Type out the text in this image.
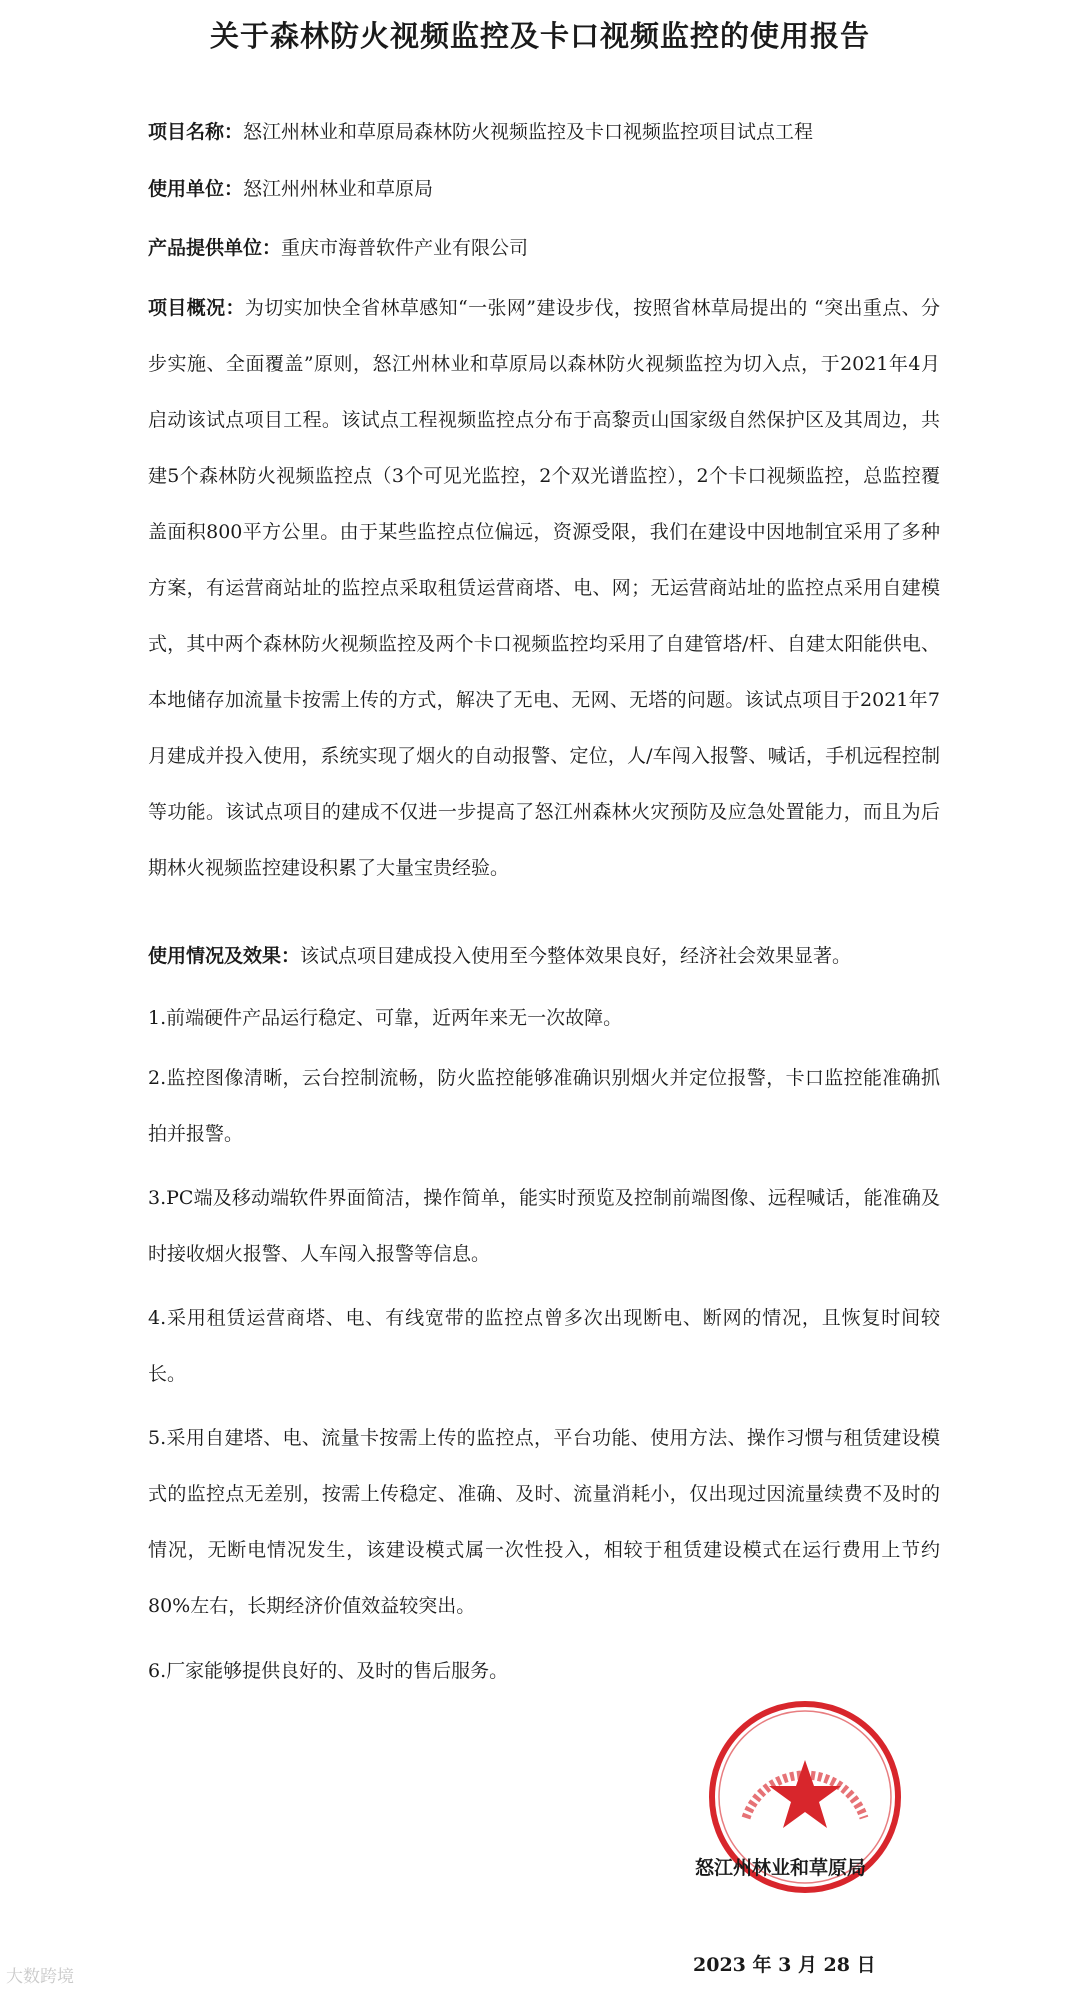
关于森林防火视频监控及卡口视频监控的使用报告
项目名称：怒江州林业和草原局森林防火视频监控及卡口视频监控项目试点工程
使用单位：怒江州州林业和草原局
产品提供单位：重庆市海普软件产业有限公司
项目概况：为切实加快全省林草感知“一张网”建设步伐，按照省林草局提出的 “突出重点、分步实施、全面覆盖”原则，怒江州林业和草原局以森林防火视频监控为切入点，于2021年4月启动该试点项目工程。该试点工程视频监控点分布于高黎贡山国家级自然保护区及其周边，共建5个森林防火视频监控点（3个可见光监控，2个双光谱监控），2个卡口视频监控，总监控覆盖面积800平方公里。由于某些监控点位偏远，资源受限，我们在建设中因地制宜采用了多种方案，有运营商站址的监控点采取租赁运营商塔、电、网；无运营商站址的监控点采用自建模式，其中两个森林防火视频监控及两个卡口视频监控均采用了自建管塔/杆、自建太阳能供电、本地储存加流量卡按需上传的方式，解决了无电、无网、无塔的问题。该试点项目于2021年7月建成并投入使用，系统实现了烟火的自动报警、定位，人/车闯入报警、喊话，手机远程控制等功能。该试点项目的建成不仅进一步提高了怒江州森林火灾预防及应急处置能力，而且为后期林火视频监控建设积累了大量宝贵经验。
使用情况及效果：该试点项目建成投入使用至今整体效果良好，经济社会效果显著。
1.前端硬件产品运行稳定、可靠，近两年来无一次故障。
2.监控图像清晰，云台控制流畅，防火监控能够准确识别烟火并定位报警，卡口监控能准确抓拍并报警。
3.PC端及移动端软件界面简洁，操作简单，能实时预览及控制前端图像、远程喊话，能准确及时接收烟火报警、人车闯入报警等信息。
4.采用租赁运营商塔、电、有线宽带的监控点曾多次出现断电、断网的情况，且恢复时间较长。
5.采用自建塔、电、流量卡按需上传的监控点，平台功能、使用方法、操作习惯与租赁建设模式的监控点无差别，按需上传稳定、准确、及时、流量消耗小，仅出现过因流量续费不及时的情况，无断电情况发生，该建设模式属一次性投入，相较于租赁建设模式在运行费用上节约80%左右，长期经济价值效益较突出。
6.厂家能够提供良好的、及时的售后服务。
怒江州林业和草原局
2023 年 3 月 28 日
大数跨境
